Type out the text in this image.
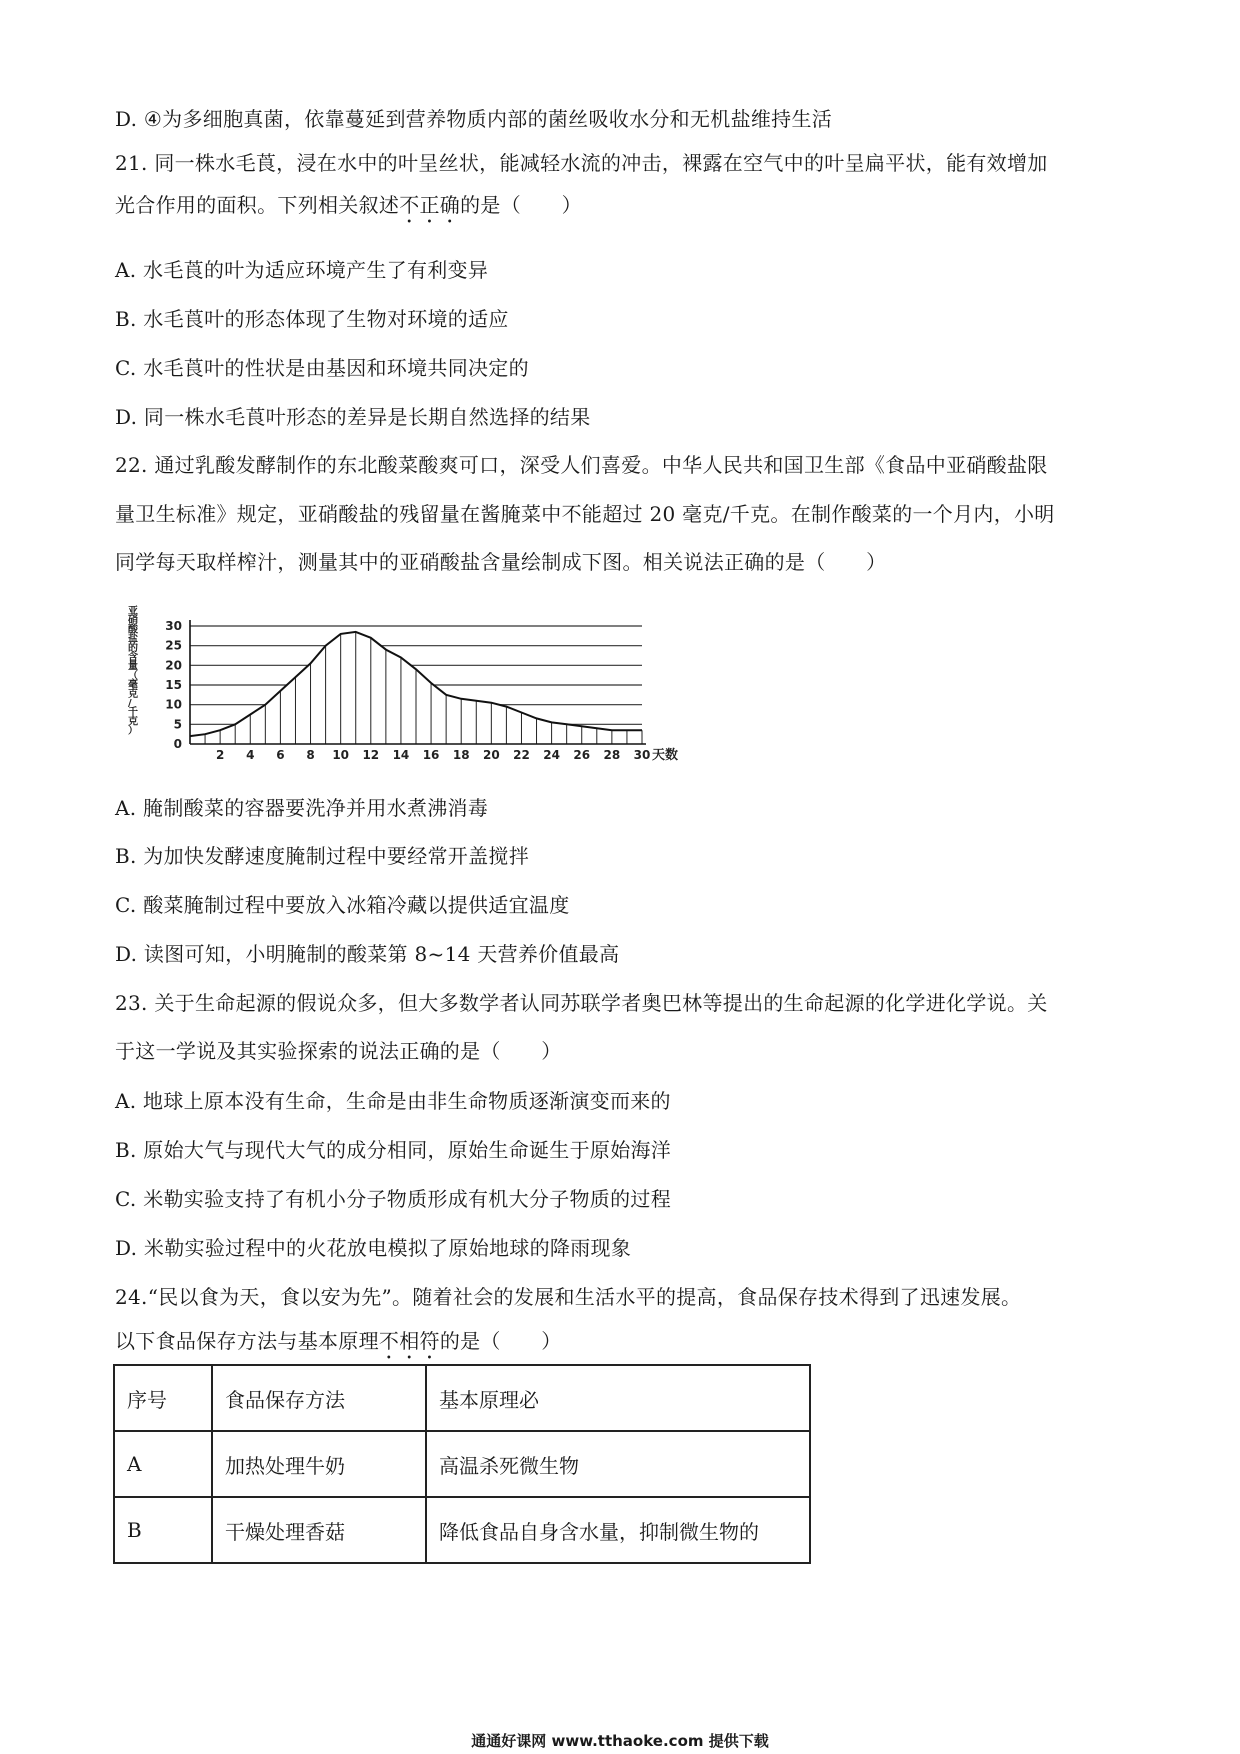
D. ④为多细胞真菌，依靠蔓延到营养物质内部的菌丝吸收水分和无机盐维持生活
21. 同一株水毛莨，浸在水中的叶呈丝状，能减轻水流的冲击，裸露在空气中的叶呈扁平状，能有效增加
光合作用的面积。下列相关叙述不正确的是（　　）
A. 水毛莨的叶为适应环境产生了有利变异
B. 水毛莨叶的形态体现了生物对环境的适应
C. 水毛莨叶的性状是由基因和环境共同决定的
D. 同一株水毛莨叶形态的差异是长期自然选择的结果
22. 通过乳酸发酵制作的东北酸菜酸爽可口，深受人们喜爱。中华人民共和国卫生部《食品中亚硝酸盐限
量卫生标准》规定，亚硝酸盐的残留量在酱腌菜中不能超过 20 毫克/千克。在制作酸菜的一个月内，小明
同学每天取样榨汁，测量其中的亚硝酸盐含量绘制成下图。相关说法正确的是（　　）
亚硝酸盐的含量（毫克/千克）
0
5
10
15
20
25
30
2 4 6 8 10 12 14 16 18 20 22 24 26 28 30 天数
A. 腌制酸菜的容器要洗净并用水煮沸消毒
B. 为加快发酵速度腌制过程中要经常开盖搅拌
C. 酸菜腌制过程中要放入冰箱冷藏以提供适宜温度
D. 读图可知，小明腌制的酸菜第 8~14 天营养价值最高
23. 关于生命起源的假说众多，但大多数学者认同苏联学者奥巴林等提出的生命起源的化学进化学说。关
于这一学说及其实验探索的说法正确的是（　　）
A. 地球上原本没有生命，生命是由非生命物质逐渐演变而来的
B. 原始大气与现代大气的成分相同，原始生命诞生于原始海洋
C. 米勒实验支持了有机小分子物质形成有机大分子物质的过程
D. 米勒实验过程中的火花放电模拟了原始地球的降雨现象
24.“民以食为天，食以安为先”。随着社会的发展和生活水平的提高，食品保存技术得到了迅速发展。
以下食品保存方法与基本原理不相符的是（　　）
序号	食品保存方法	基本原理必
A	加热处理牛奶	高温杀死微生物
B	干燥处理香菇	降低食品自身含水量，抑制微生物的
通通好课网 www.tthaoke.com 提供下载
